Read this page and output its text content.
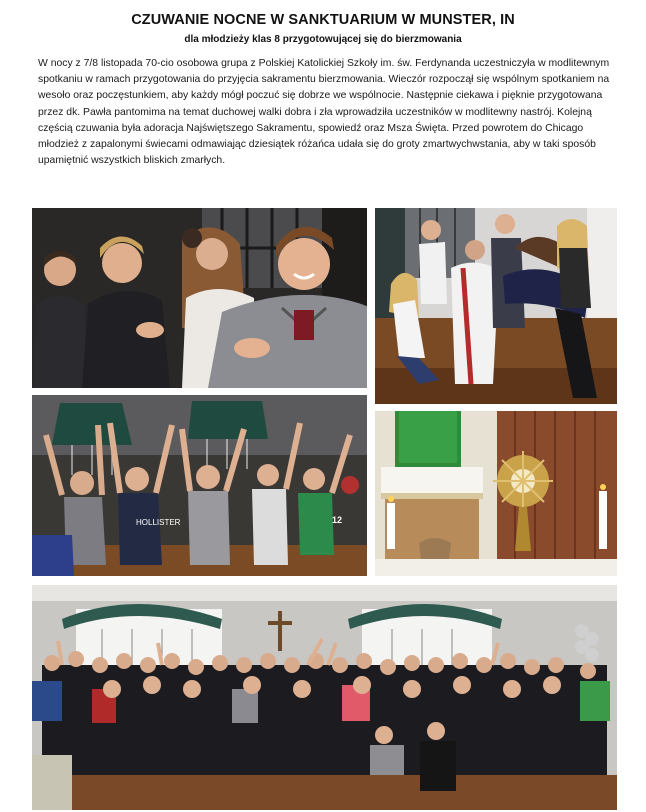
CZUWANIE NOCNE W SANKTUARIUM W MUNSTER, IN
dla młodzieży klas 8 przygotowującej się do bierzmowania
W nocy z 7/8 listopada 70-cio osobowa grupa z Polskiej Katolickiej Szkoły im. św. Ferdynanda uczestniczyła w modlitewnym spotkaniu w ramach przygotowania do przyjęcia sakramentu bierzmowania. Wieczór rozpoczął się wspólnym spotkaniem na wesoło oraz poczęstunkiem, aby każdy mógł poczuć się dobrze we wspólnocie. Następnie ciekawa i pięknie przygotowana przez dk. Pawła pantomima na temat duchowej walki dobra i zła wprowadziła uczestników w modlitewny nastrój. Kolejną częścią czuwania była adoracja Najświętszego Sakramentu, spowiedź oraz Msza Święta. Przed powrotem do Chicago młodzież z zapalonymi świecami odmawiając dziesiątek różańca udała się do groty zmartwychwstania, aby w taki sposób upamiętnić wszystkich bliskich zmarłych.
HOLLISTER	12
